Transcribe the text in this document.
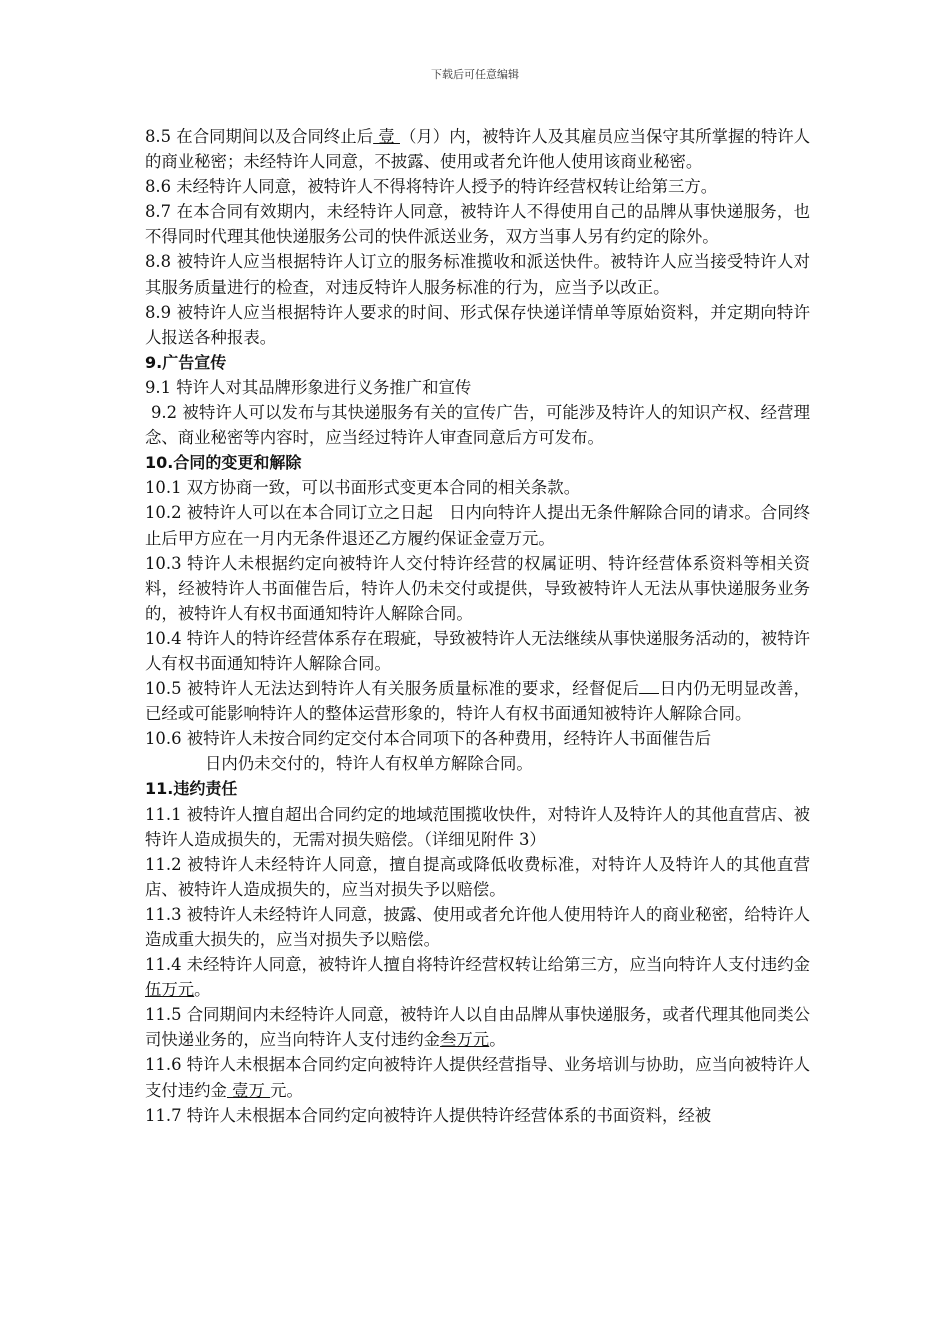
下载后可任意编辑

8.5 在合同期间以及合同终止后 壹 （月）内，被特许人及其雇员应当保守其所掌握的特许人的商业秘密；未经特许人同意，不披露、使用或者允许他人使用该商业秘密。

8.6 未经特许人同意，被特许人不得将特许人授予的特许经营权转让给第三方。

8.7 在本合同有效期内，未经特许人同意，被特许人不得使用自己的品牌从事快递服务，也不得同时代理其他快递服务公司的快件派送业务，双方当事人另有约定的除外。

8.8 被特许人应当根据特许人订立的服务标准揽收和派送快件。被特许人应当接受特许人对其服务质量进行的检查，对违反特许人服务标准的行为，应当予以改正。

8.9 被特许人应当根据特许人要求的时间、形式保存快递详情单等原始资料，并定期向特许人报送各种报表。

9.广告宣传

9.1 特许人对其品牌形象进行义务推广和宣传

9.2 被特许人可以发布与其快递服务有关的宣传广告，可能涉及特许人的知识产权、经营理念、商业秘密等内容时，应当经过特许人审查同意后方可发布。

10.合同的变更和解除

10.1 双方协商一致，可以书面形式变更本合同的相关条款。

10.2 被特许人可以在本合同订立之日起 日内向特许人提出无条件解除合同的请求。合同终止后甲方应在一月内无条件退还乙方履约保证金壹万元。

10.3 特许人未根据约定向被特许人交付特许经营的权属证明、特许经营体系资料等相关资料，经被特许人书面催告后，特许人仍未交付或提供，导致被特许人无法从事快递服务业务的，被特许人有权书面通知特许人解除合同。

10.4 特许人的特许经营体系存在瑕疵，导致被特许人无法继续从事快递服务活动的，被特许人有权书面通知特许人解除合同。

10.5 被特许人无法达到特许人有关服务质量标准的要求，经督促后 日内仍无明显改善，已经或可能影响特许人的整体运营形象的，特许人有权书面通知被特许人解除合同。

10.6 被特许人未按合同约定交付本合同项下的各种费用，经特许人书面催告后
日内仍未交付的，特许人有权单方解除合同。

11.违约责任

11.1 被特许人擅自超出合同约定的地域范围揽收快件，对特许人及特许人的其他直营店、被特许人造成损失的，无需对损失赔偿。（详细见附件 3）

11.2 被特许人未经特许人同意，擅自提高或降低收费标准，对特许人及特许人的其他直营店、被特许人造成损失的，应当对损失予以赔偿。

11.3 被特许人未经特许人同意，披露、使用或者允许他人使用特许人的商业秘密，给特许人造成重大损失的，应当对损失予以赔偿。

11.4 未经特许人同意，被特许人擅自将特许经营权转让给第三方，应当向特许人支付违约金伍万元。

11.5 合同期间内未经特许人同意，被特许人以自由品牌从事快递服务，或者代理其他同类公司快递业务的，应当向特许人支付违约金叁万元。

11.6 特许人未根据本合同约定向被特许人提供经营指导、业务培训与协助，应当向被特许人支付违约金 壹万 元。

11.7 特许人未根据本合同约定向被特许人提供特许经营体系的书面资料，经被
